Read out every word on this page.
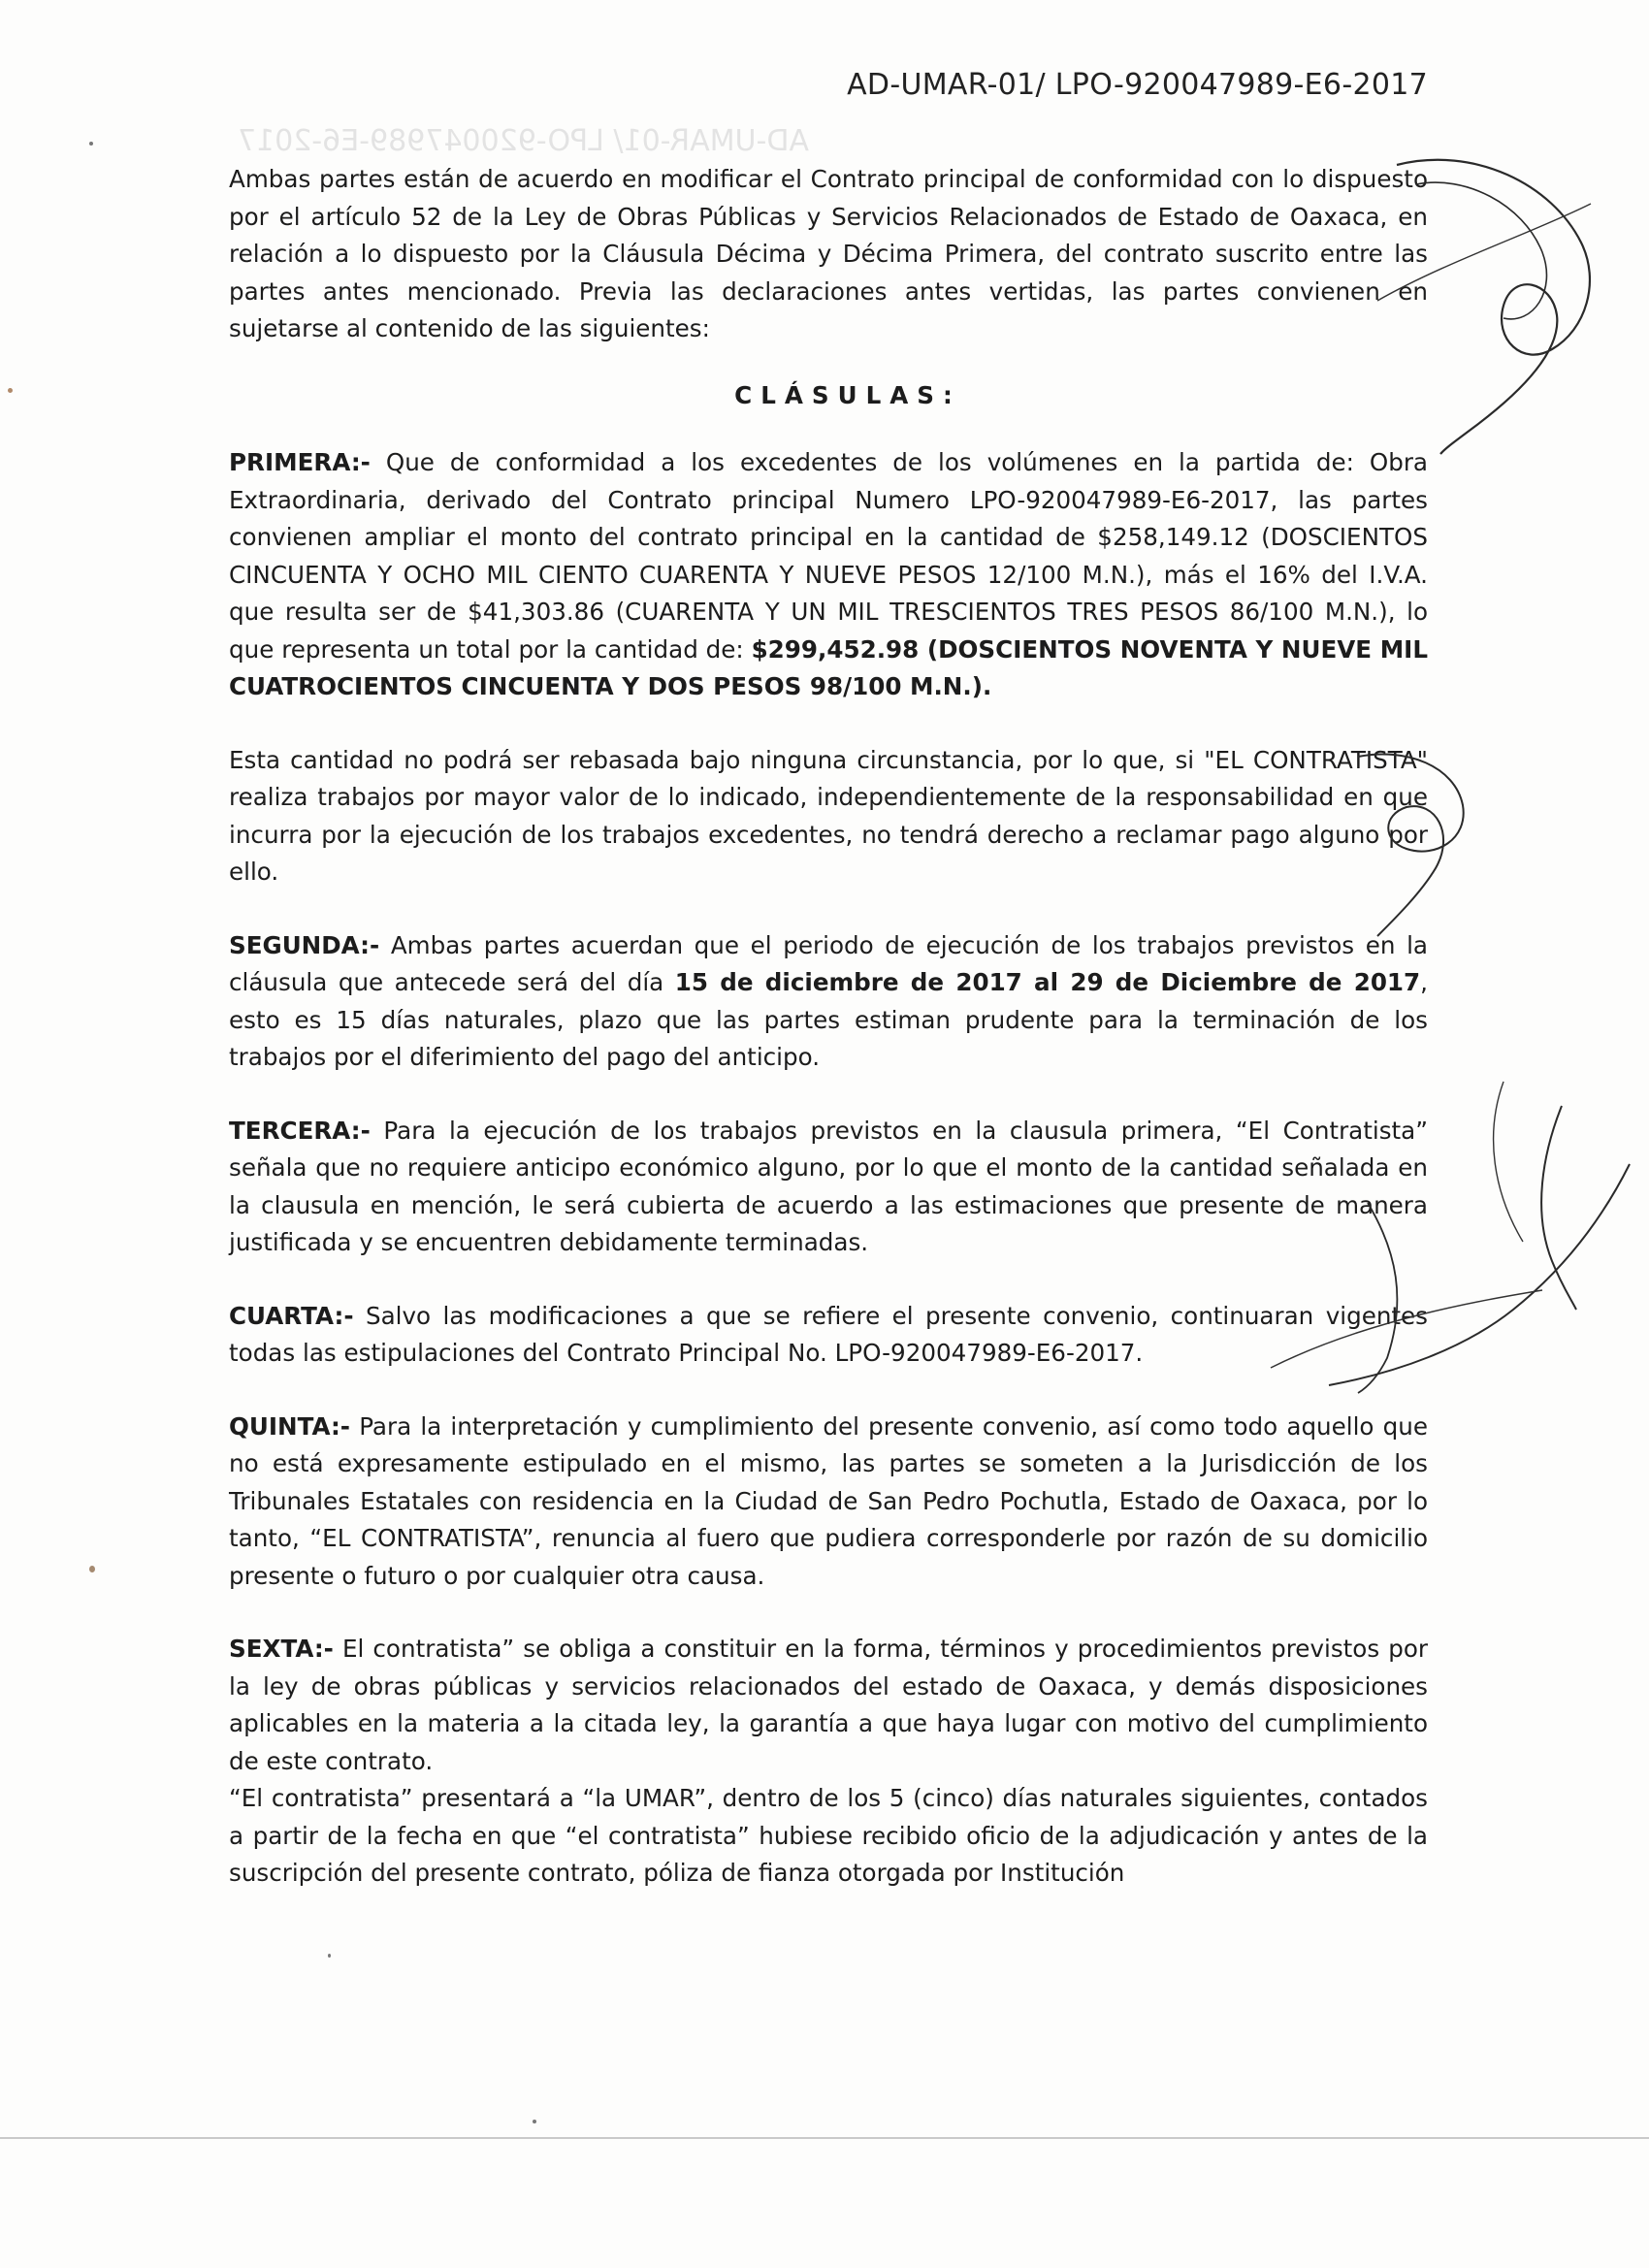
AD-UMAR-01/ LPO-920047989-E6-2017
AD-UMAR-01/ LPO-920047989-E6-2017

Ambas partes están de acuerdo en modificar el Contrato principal de conformidad con lo dispuesto por el artículo 52 de la Ley de Obras Públicas y Servicios Relacionados de Estado de Oaxaca, en relación a lo dispuesto por la Cláusula Décima y Décima Primera, del contrato suscrito entre las partes antes mencionado. Previa las declaraciones antes vertidas, las partes convienen en sujetarse al contenido de las siguientes:

CLÁSULAS:

PRIMERA:- Que de conformidad a los excedentes de los volúmenes en la partida de: Obra Extraordinaria, derivado del Contrato principal Numero LPO-920047989-E6-2017, las partes convienen ampliar el monto del contrato principal en la cantidad de $258,149.12 (DOSCIENTOS CINCUENTA Y OCHO MIL CIENTO CUARENTA Y NUEVE PESOS 12/100 M.N.), más el 16% del I.V.A. que resulta ser de $41,303.86 (CUARENTA Y UN MIL TRESCIENTOS TRES PESOS 86/100 M.N.), lo que representa un total por la cantidad de: $299,452.98 (DOSCIENTOS NOVENTA Y NUEVE MIL CUATROCIENTOS CINCUENTA Y DOS PESOS 98/100 M.N.).

Esta cantidad no podrá ser rebasada bajo ninguna circunstancia, por lo que, si "EL CONTRATISTA" realiza trabajos por mayor valor de lo indicado, independientemente de la responsabilidad en que incurra por la ejecución de los trabajos excedentes, no tendrá derecho a reclamar pago alguno por ello.

SEGUNDA:- Ambas partes acuerdan que el periodo de ejecución de los trabajos previstos en la cláusula que antecede será del día 15 de diciembre de 2017 al 29 de Diciembre de 2017, esto es 15 días naturales, plazo que las partes estiman prudente para la terminación de los trabajos por el diferimiento del pago del anticipo.

TERCERA:- Para la ejecución de los trabajos previstos en la clausula primera, “El Contratista” señala que no requiere anticipo económico alguno, por lo que el monto de la cantidad señalada en la clausula en mención, le será cubierta de acuerdo a las estimaciones que presente de manera justificada y se encuentren debidamente terminadas.

CUARTA:- Salvo las modificaciones a que se refiere el presente convenio, continuaran vigentes todas las estipulaciones del Contrato Principal No. LPO-920047989-E6-2017.

QUINTA:- Para la interpretación y cumplimiento del presente convenio, así como todo aquello que no está expresamente estipulado en el mismo, las partes se someten a la Jurisdicción de los Tribunales Estatales con residencia en la Ciudad de San Pedro Pochutla, Estado de Oaxaca, por lo tanto, “EL CONTRATISTA”, renuncia al fuero que pudiera corresponderle por razón de su domicilio presente o futuro o por cualquier otra causa.

SEXTA:- El contratista” se obliga a constituir en la forma, términos y procedimientos previstos por la ley de obras públicas y servicios relacionados del estado de Oaxaca, y demás disposiciones aplicables en la materia a la citada ley, la garantía a que haya lugar con motivo del cumplimiento de este contrato.

“El contratista” presentará a “la UMAR”, dentro de los 5 (cinco) días naturales siguientes, contados a partir de la fecha en que “el contratista” hubiese recibido oficio de la adjudicación y antes de la suscripción del presente contrato, póliza de fianza otorgada por Institución
